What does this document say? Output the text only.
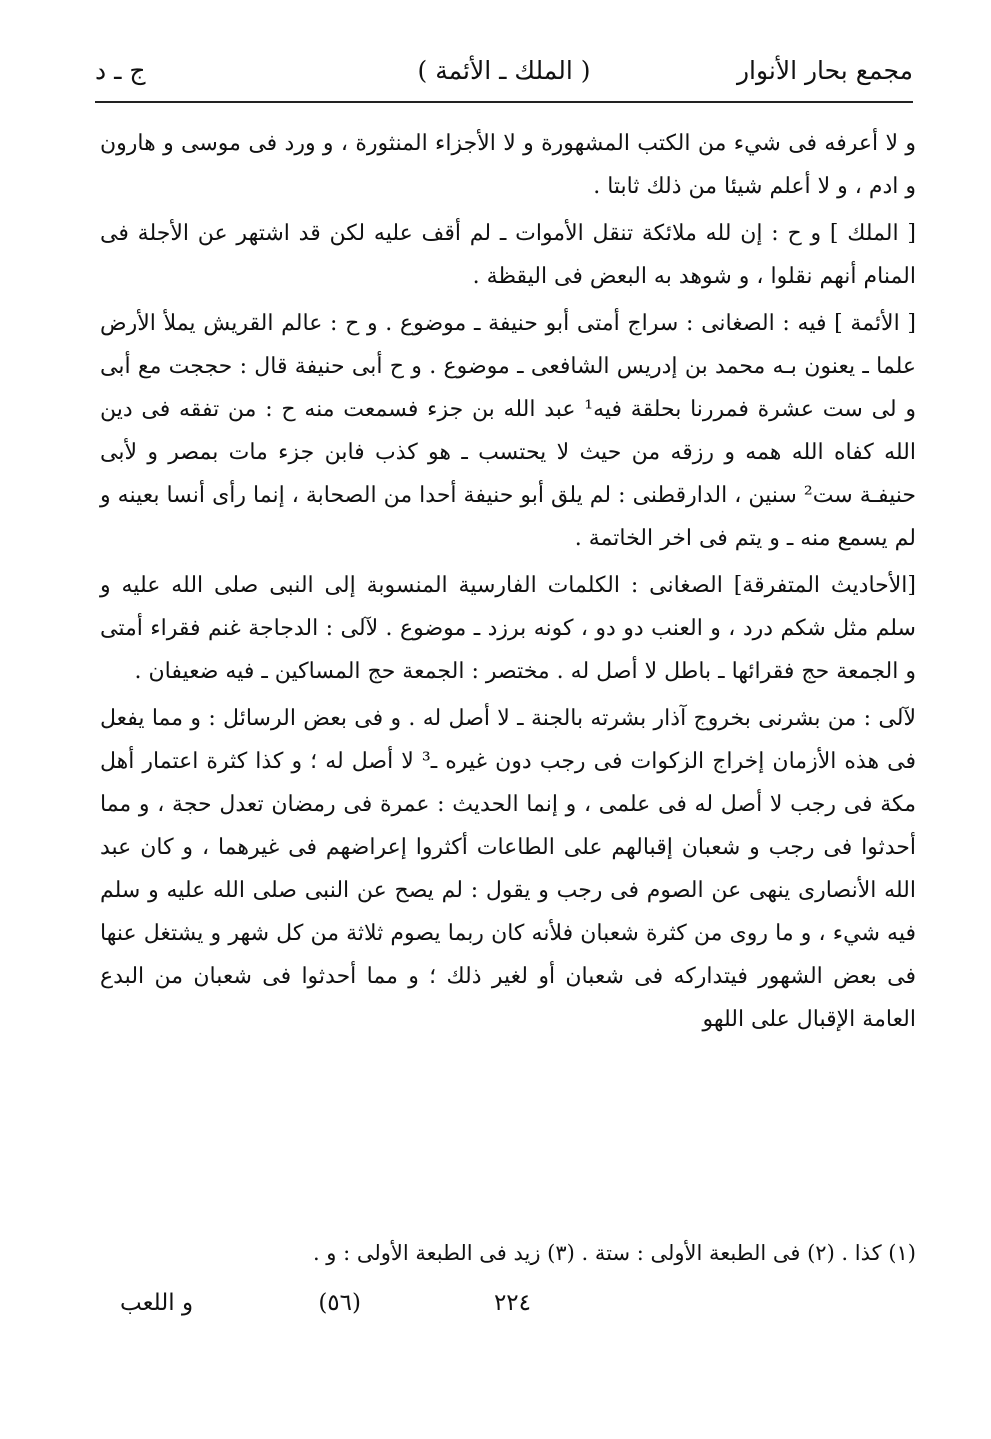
مجمع بحار الأنوار
( الملك ـ الأئمة )
ج ـ د

و لا أعرفه فى شيء من الكتب المشهورة و لا الأجزاء المنثورة ، و ورد فى موسى و هارون و ادم ، و لا أعلم شيئا من ذلك ثابتا .

[ الملك ] و ح : إن لله ملائكة تنقل الأموات ـ لم أقف عليه لكن قد اشتهر عن الأجلة فى المنام أنهم نقلوا ، و شوهد به البعض فى اليقظة .

[ الأئمة ] فيه : الصغانى : سراج أمتى أبو حنيفة ـ موضوع . و ح : عالم القريش يملأ الأرض علما ـ يعنون بـه محمد بن إدريس الشافعى ـ موضوع . و ح أبى حنيفة قال : حججت مع أبى و لى ست عشرة فمررنا بحلقة فيه¹ عبد الله بن جزء فسمعت منه ح : من تفقه فى دين الله كفاه الله همه و رزقه من حيث لا يحتسب ـ هو كذب فابن جزء مات بمصر و لأبى حنيفـة ست² سنين ، الدارقطنى : لم يلق أبو حنيفة أحدا من الصحابة ، إنما رأى أنسا بعينه و لم يسمع منه ـ و يتم فى اخر الخاتمة .

[الأحاديث المتفرقة] الصغانى : الكلمات الفارسية المنسوبة إلى النبى صلى الله عليه و سلم مثل شكم درد ، و العنب دو دو ، كونه برزد ـ موضوع . لآلى : الدجاجة غنم فقراء أمتى و الجمعة حج فقرائها ـ باطل لا أصل له . مختصر : الجمعة حج المساكين ـ فيه ضعيفان .

لآلى : من بشرنى بخروج آذار بشرته بالجنة ـ لا أصل له . و فى بعض الرسائل : و مما يفعل فى هذه الأزمان إخراج الزكوات فى رجب دون غيره ـ³ لا أصل له ؛ و كذا كثرة اعتمار أهل مكة فى رجب لا أصل له فى علمى ، و إنما الحديث : عمرة فى رمضان تعدل حجة ، و مما أحدثوا فى رجب و شعبان إقبالهم على الطاعات أكثروا إعراضهم فى غيرهما ، و كان عبد الله الأنصارى ينهى عن الصوم فى رجب و يقول : لم يصح عن النبى صلى الله عليه و سلم فيه شيء ، و ما روى من كثرة شعبان فلأنه كان ربما يصوم ثلاثة من كل شهر و يشتغل عنها فى بعض الشهور فيتداركه فى شعبان أو لغير ذلك ؛ و مما أحدثوا فى شعبان من البدع العامة الإقبال على اللهو

(١) كذا . (٢) فى الطبعة الأولى : ستة . (٣) زيد فى الطبعة الأولى : و .
٢٢٤
(٥٦)
و اللعب
